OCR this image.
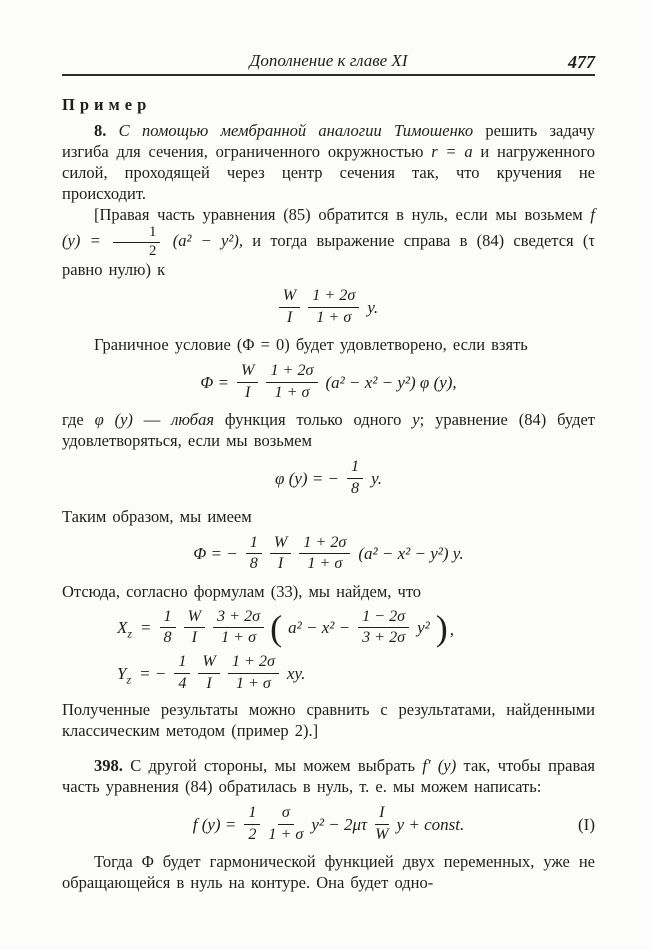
Дополнение к главе XI	477
Пример

8. С помощью мембранной аналогии Тимошенко решить задачу изгиба для сечения, ограниченного окружностью r = a и нагруженного силой, проходящей через центр сечения так, что кручения не происходит.

[Правая часть уравнения (85) обратится в нуль, если мы возьмем f $(y) = \frac{1}{2} (a^2 - y^2)$, и тогда выражение справа в (84) сведется (τ равно нулю) к

$\frac{W}{I} \frac{1 + 2\sigma}{1 + \sigma} y$.

Граничное условие (Φ = 0) будет удовлетворено, если взять

$\Phi = \frac{W}{I} \frac{1 + 2\sigma}{1 + \sigma} (a^2 - x^2 - y^2)$ φ (y),

где φ (y) — любая функция только одного y; уравнение (84) будет удовлетворяться, если мы возьмем

φ (y) = − $\frac{1}{8} y$.

Таким образом, мы имеем

Φ = − $\frac{1}{8} \frac{W}{I} \frac{1 + 2\sigma}{1 + \sigma} (a^2 - x^2 - y^2)$ y.

Отсюда, согласно формулам (33), мы найдем, что

$X_z = \frac{1}{8} \frac{W}{I} \frac{3 + 2\sigma}{1 + \sigma}$ ( $a^2 - x^2 - \frac{1 - 2\sigma}{3 + 2\sigma} y^2$ ) ,
$Y_z$ = − $\frac{1}{4} \frac{W}{I} \frac{1 + 2\sigma}{1 + \sigma}$ xy.

Полученные результаты можно сравнить с результатами, найденными классическим методом (пример 2).]

398. С другой стороны, мы можем выбрать f′ (y) так, чтобы правая часть уравнения (84) обратилась в нуль, т. е. мы можем написать:

f $(y) = \frac{1}{2} \frac{\sigma}{1 + \sigma} y^2 - 2\mu\tau \frac{I}{W}$ y + const.	(I)

Тогда Φ будет гармонической функцией двух переменных, уже не обращающейся в нуль на контуре. Она будет одно-
